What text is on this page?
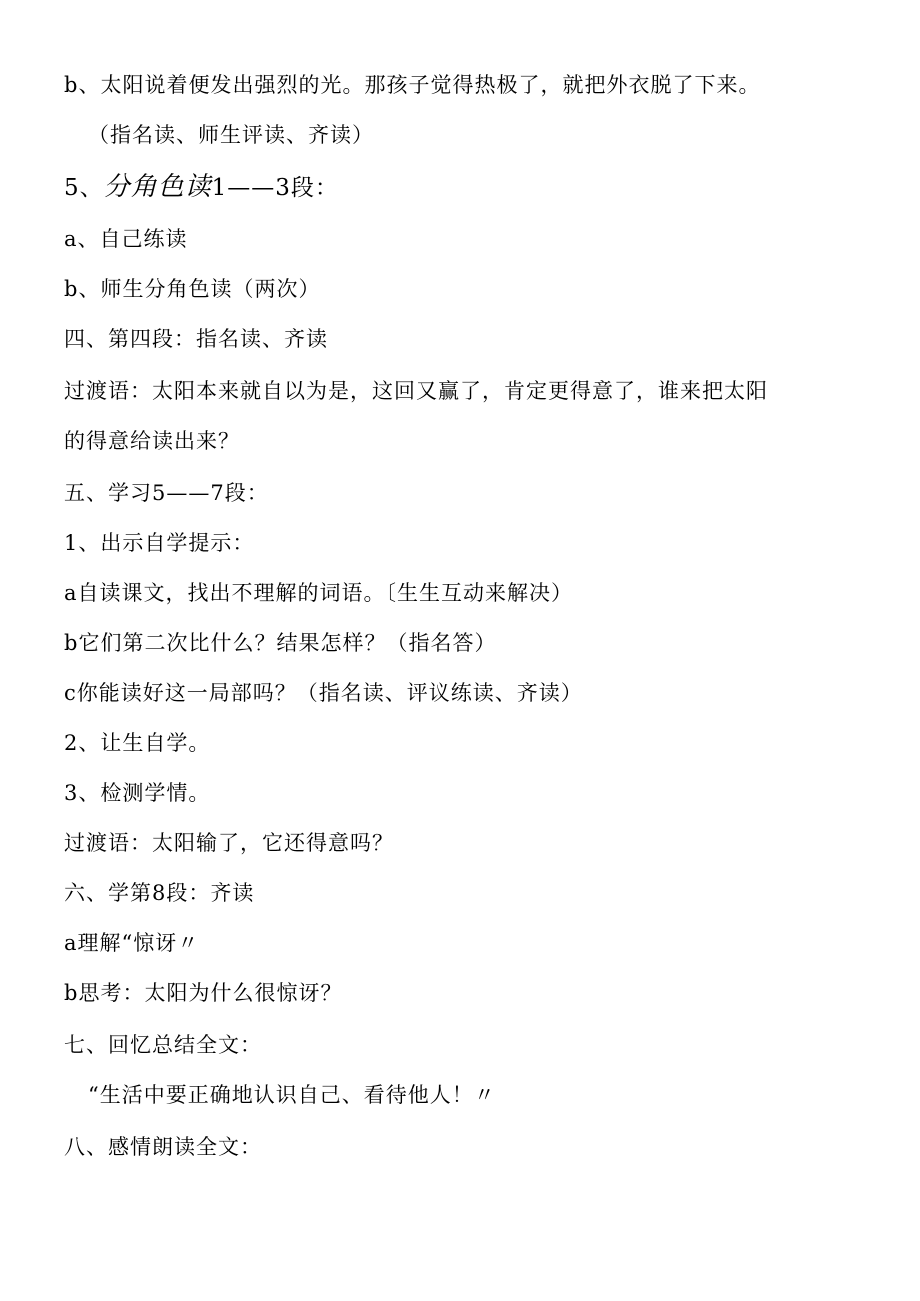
b、太阳说着便发出强烈的光。那孩子觉得热极了，就把外衣脱了下来。
（指名读、师生评读、齐读）
5、分角色读1——3段：
a、自己练读
b、师生分角色读（两次）
四、第四段：指名读、齐读
过渡语：太阳本来就自以为是，这回又赢了，肯定更得意了，谁来把太阳
的得意给读出来？
五、学习5——7段：
1、出示自学提示：
a自读课文，找出不理解的词语。〔生生互动来解决）
b它们第二次比什么？结果怎样？（指名答）
c你能读好这一局部吗？（指名读、评议练读、齐读）
2、让生自学。
3、检测学情。
过渡语：太阳输了，它还得意吗？
六、学第8段：齐读
a理解“惊讶〃
b思考：太阳为什么很惊讶？
七、回忆总结全文：
“生活中要正确地认识自己、看待他人！〃
八、感情朗读全文：
